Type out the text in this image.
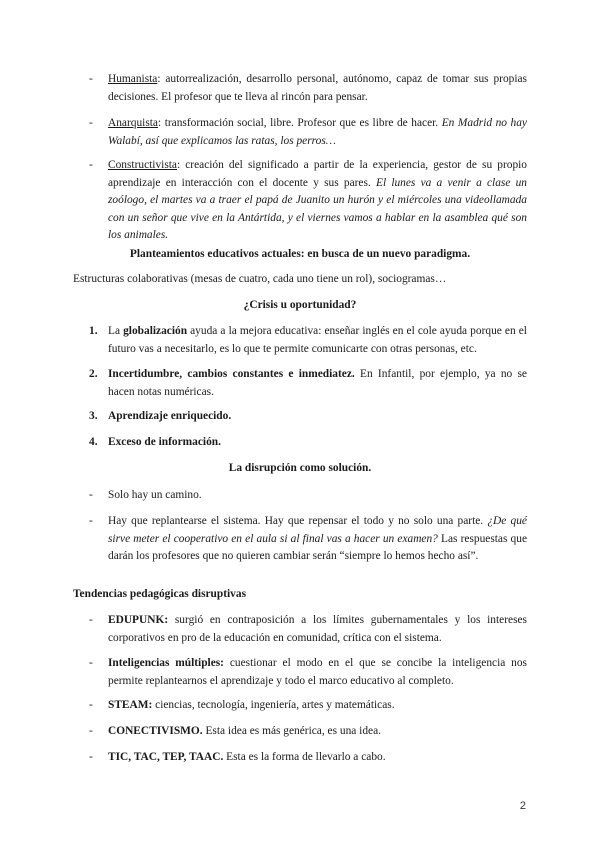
- Humanista: autorrealización, desarrollo personal, autónomo, capaz de tomar sus propias decisiones. El profesor que te lleva al rincón para pensar.
- Anarquista: transformación social, libre. Profesor que es libre de hacer. En Madrid no hay Walabí, así que explicamos las ratas, los perros…
- Constructivista: creación del significado a partir de la experiencia, gestor de su propio aprendizaje en interacción con el docente y sus pares. El lunes va a venir a clase un zoólogo, el martes va a traer el papá de Juanito un hurón y el miércoles una videollamada con un señor que vive en la Antártida, y el viernes vamos a hablar en la asamblea qué son los animales.
Planteamientos educativos actuales: en busca de un nuevo paradigma.
Estructuras colaborativas (mesas de cuatro, cada uno tiene un rol), sociogramas…
¿Crisis u oportunidad?
1. La globalización ayuda a la mejora educativa: enseñar inglés en el cole ayuda porque en el futuro vas a necesitarlo, es lo que te permite comunicarte con otras personas, etc.
2. Incertidumbre, cambios constantes e inmediatez. En Infantil, por ejemplo, ya no se hacen notas numéricas.
3. Aprendizaje enriquecido.
4. Exceso de información.
La disrupción como solución.
- Solo hay un camino.
- Hay que replantearse el sistema. Hay que repensar el todo y no solo una parte. ¿De qué sirve meter el cooperativo en el aula si al final vas a hacer un examen? Las respuestas que darán los profesores que no quieren cambiar serán “siempre lo hemos hecho así”.
Tendencias pedagógicas disruptivas
- EDUPUNK: surgió en contraposición a los límites gubernamentales y los intereses corporativos en pro de la educación en comunidad, crítica con el sistema.
- Inteligencias múltiples: cuestionar el modo en el que se concibe la inteligencia nos permite replantearnos el aprendizaje y todo el marco educativo al completo.
- STEAM: ciencias, tecnología, ingeniería, artes y matemáticas.
- CONECTIVISMO. Esta idea es más genérica, es una idea.
- TIC, TAC, TEP, TAAC. Esta es la forma de llevarlo a cabo.
2
